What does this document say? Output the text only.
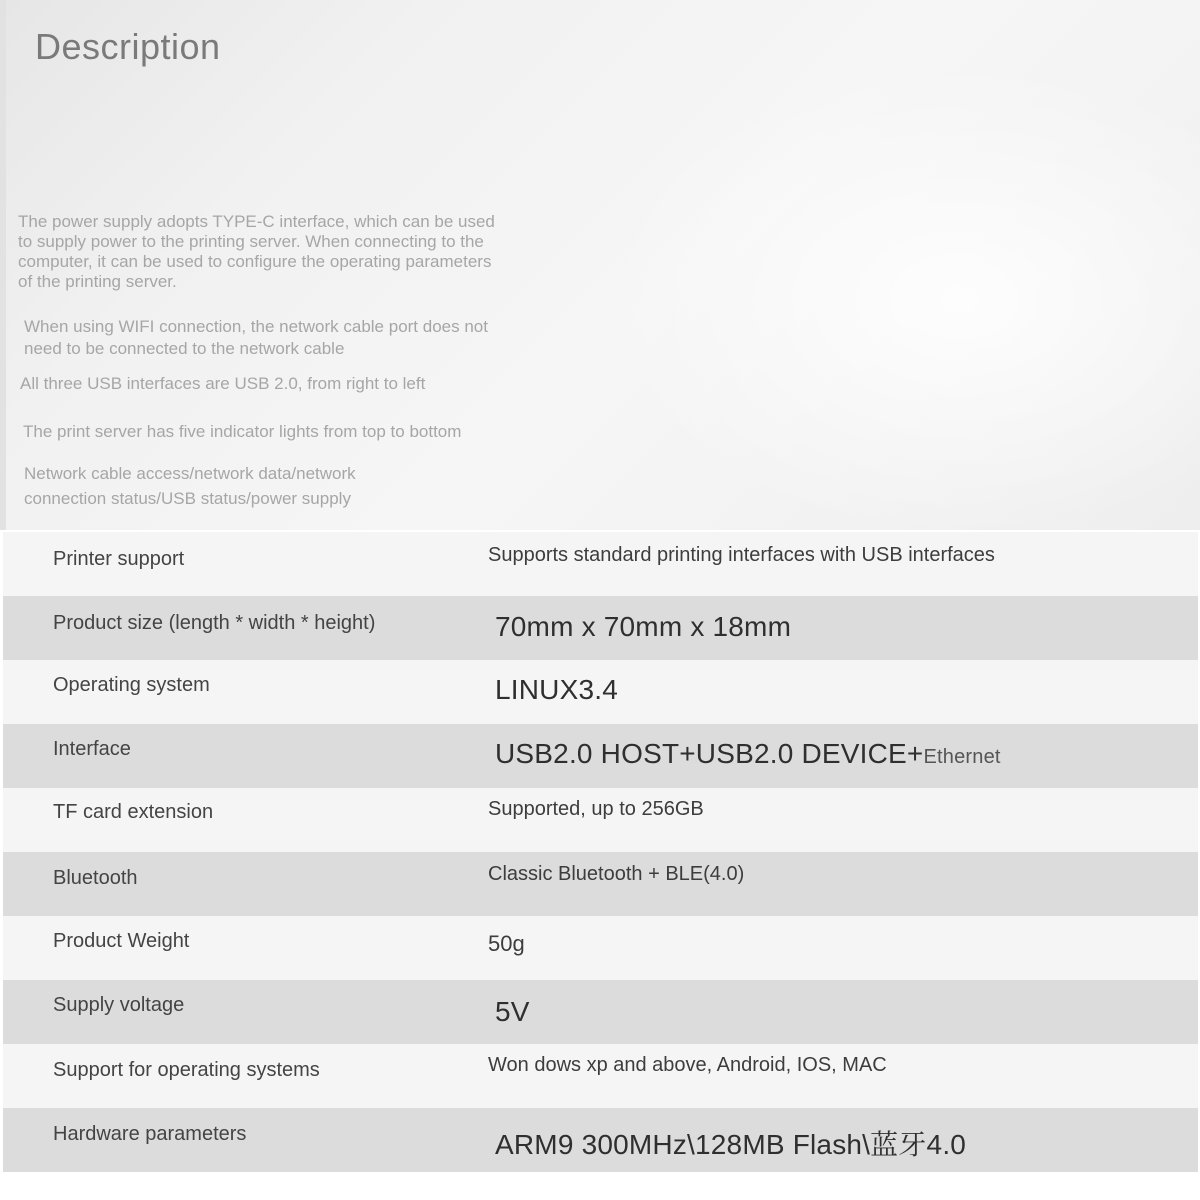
Description
The power supply adopts TYPE-C interface, which can be used to supply power to the printing server. When connecting to the computer, it can be used to configure the operating parameters of the printing server.
When using WIFI connection, the network cable port does not need to be connected to the network cable
All three USB interfaces are USB 2.0, from right to left
The print server has five indicator lights from top to bottom
Network cable access/network data/network connection status/USB status/power supply
Printer support	Supports standard printing interfaces with USB interfaces
Product size (length * width * height)	70mm x 70mm x 18mm
Operating system	LINUX3.4
Interface	USB2.0 HOST+USB2.0 DEVICE+Ethernet
TF card extension	Supported, up to 256GB
Bluetooth	Classic Bluetooth + BLE(4.0)
Product Weight	50g
Supply voltage	5V
Support for operating systems	Won dows xp and above, Android, IOS, MAC
Hardware parameters	ARM9 300MHz\128MB Flash\蓝牙4.0
